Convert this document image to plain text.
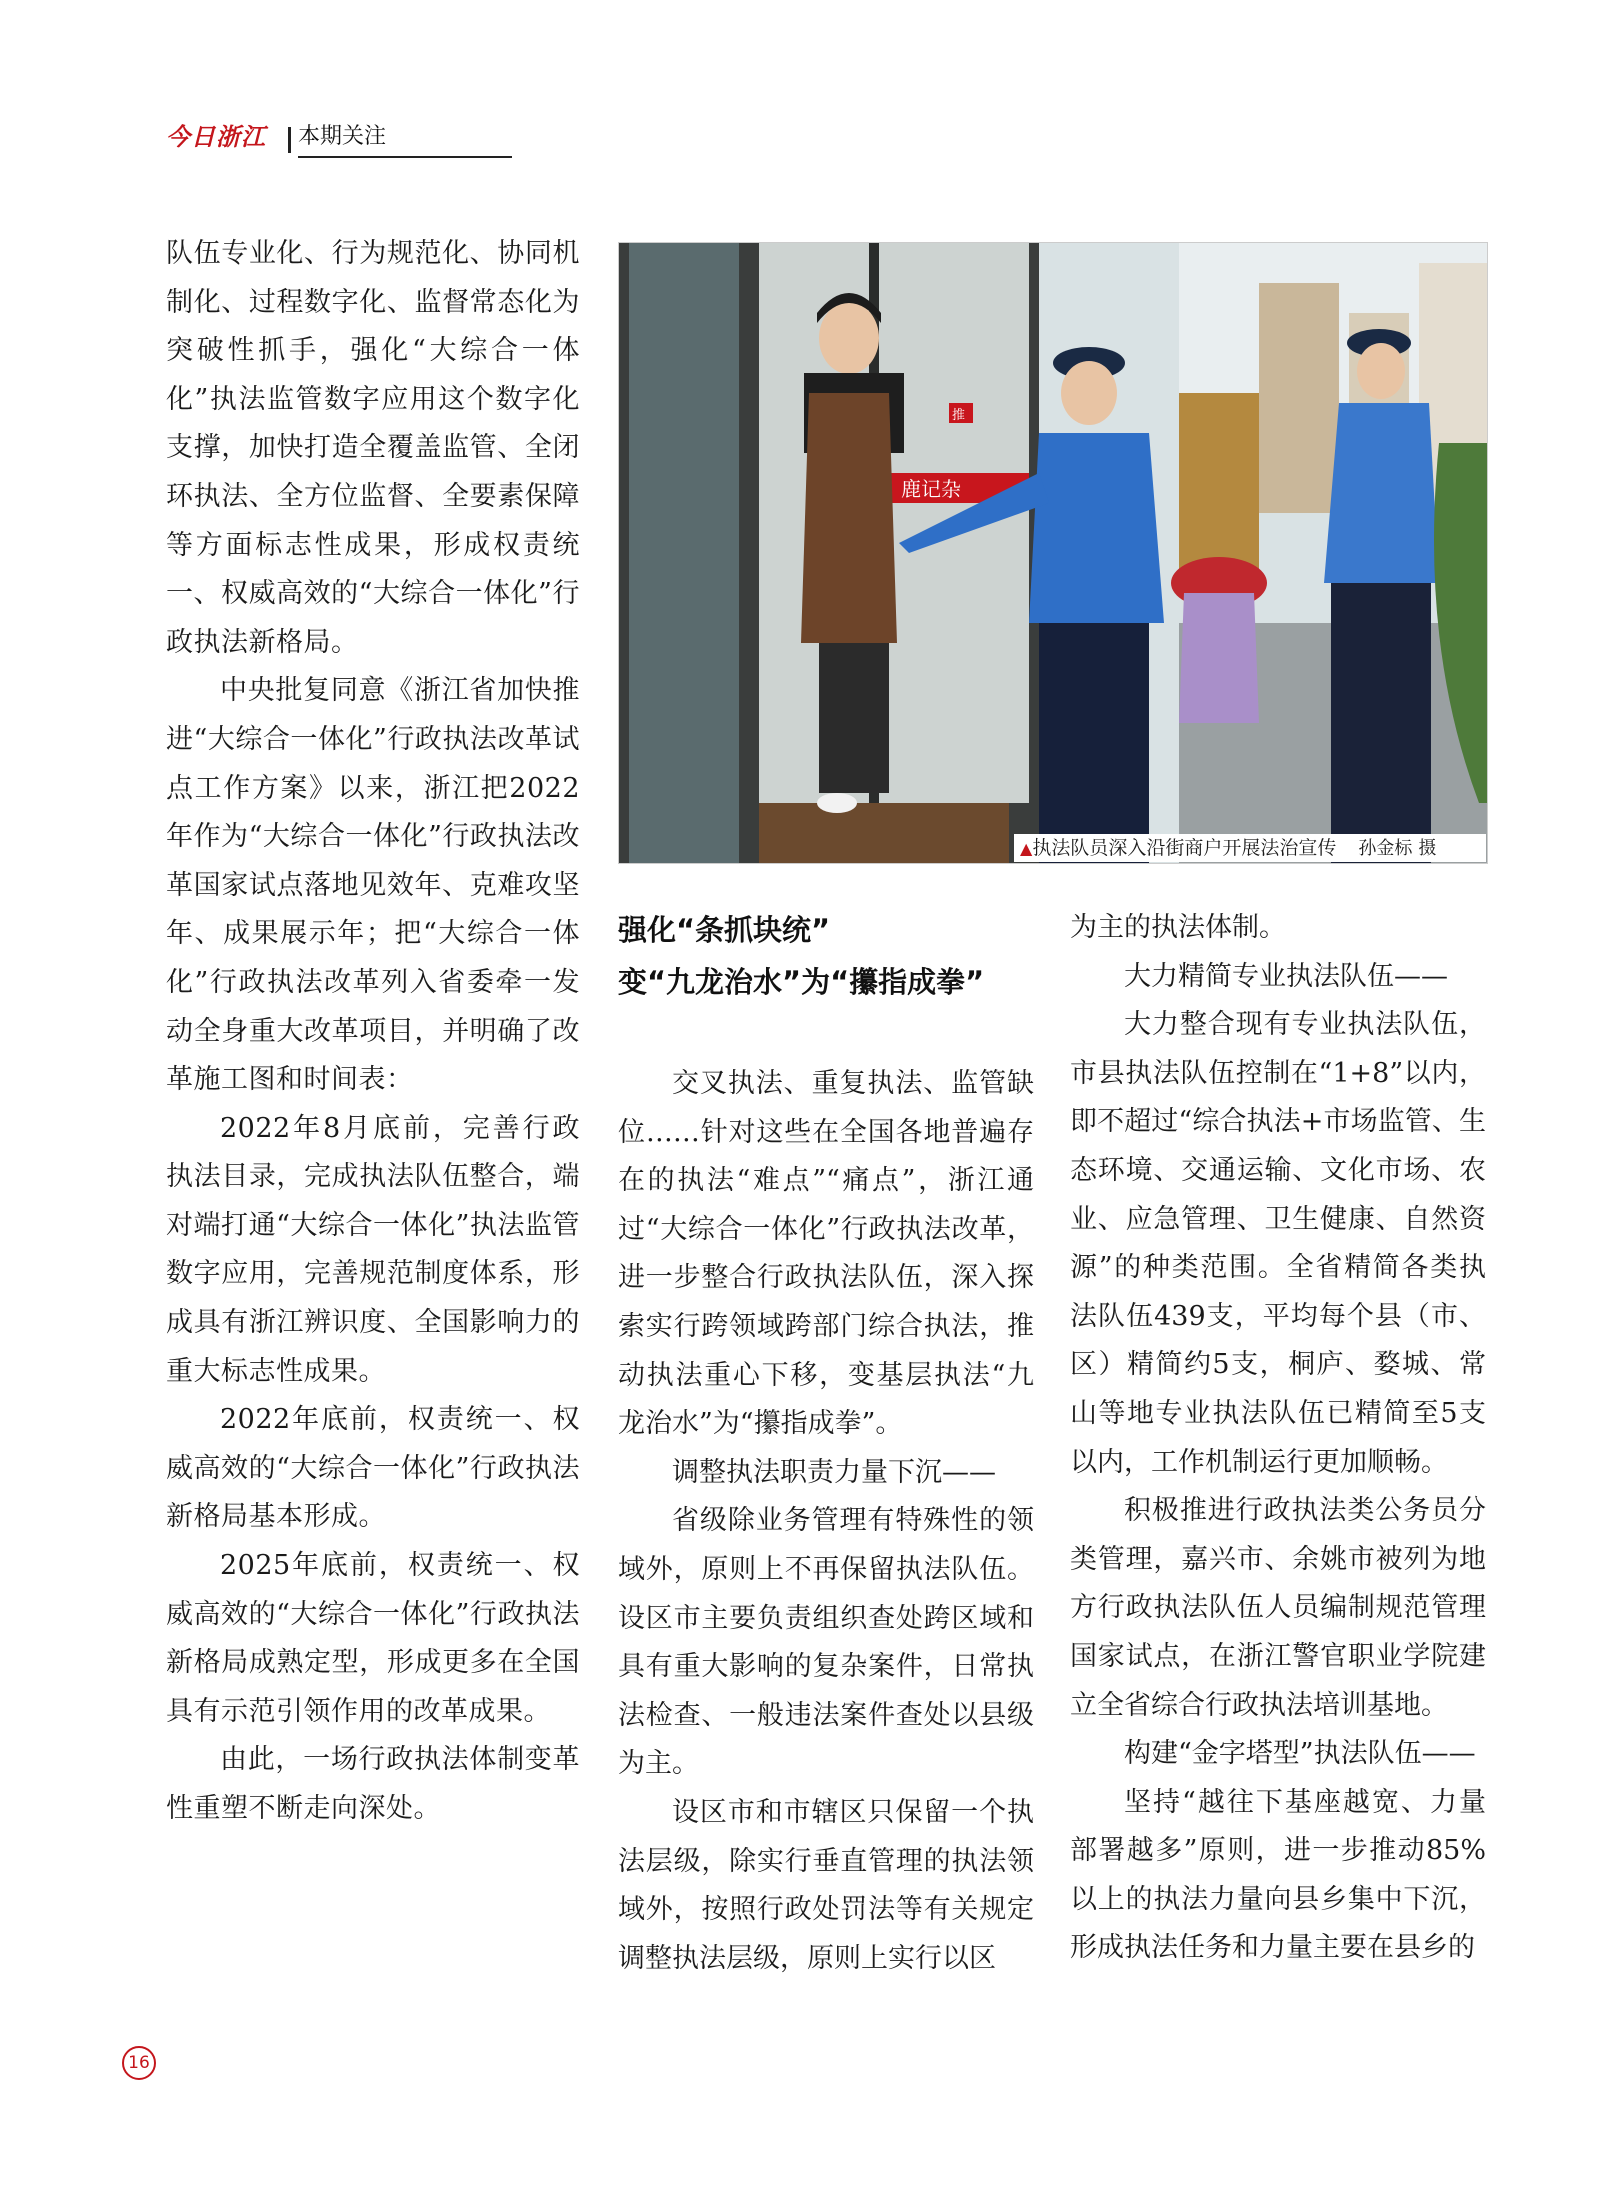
今日浙江 本期关注

队伍专业化、行为规范化、协同机制化、过程数字化、监督常态化为突破性抓手，强化“大综合一体化”执法监管数字应用这个数字化支撑，加快打造全覆盖监管、全闭环执法、全方位监督、全要素保障等方面标志性成果，形成权责统一、权威高效的“大综合一体化”行政执法新格局。

中央批复同意《浙江省加快推进“大综合一体化”行政执法改革试点工作方案》以来，浙江把2022年作为“大综合一体化”行政执法改革国家试点落地见效年、克难攻坚年、成果展示年；把“大综合一体化”行政执法改革列入省委牵一发动全身重大改革项目，并明确了改革施工图和时间表：

2022年8月底前，完善行政执法目录，完成执法队伍整合，端对端打通“大综合一体化”执法监管数字应用，完善规范制度体系，形成具有浙江辨识度、全国影响力的重大标志性成果。

2022年底前，权责统一、权威高效的“大综合一体化”行政执法新格局基本形成。

2025年底前，权责统一、权威高效的“大综合一体化”行政执法新格局成熟定型，形成更多在全国具有示范引领作用的改革成果。

由此，一场行政执法体制变革性重塑不断走向深处。

鹿记杂
推
▲执法队员深入沿街商户开展法治宣传 孙金标 摄
强化“条抓块统”
变“九龙治水”为“攥指成拳”

交叉执法、重复执法、监管缺位……针对这些在全国各地普遍存在的执法“难点”“痛点”，浙江通过“大综合一体化”行政执法改革，进一步整合行政执法队伍，深入探索实行跨领域跨部门综合执法，推动执法重心下移，变基层执法“九龙治水”为“攥指成拳”。

调整执法职责力量下沉——

省级除业务管理有特殊性的领域外，原则上不再保留执法队伍。设区市主要负责组织查处跨区域和具有重大影响的复杂案件，日常执法检查、一般违法案件查处以县级为主。

设区市和市辖区只保留一个执法层级，除实行垂直管理的执法领域外，按照行政处罚法等有关规定调整执法层级，原则上实行以区

为主的执法体制。

大力精简专业执法队伍——

大力整合现有专业执法队伍，市县执法队伍控制在“1+8”以内，即不超过“综合执法+市场监管、生态环境、交通运输、文化市场、农业、应急管理、卫生健康、自然资源”的种类范围。全省精简各类执法队伍439支，平均每个县（市、区）精简约5支，桐庐、婺城、常山等地专业执法队伍已精简至5支以内，工作机制运行更加顺畅。

积极推进行政执法类公务员分类管理，嘉兴市、余姚市被列为地方行政执法队伍人员编制规范管理国家试点，在浙江警官职业学院建立全省综合行政执法培训基地。

构建“金字塔型”执法队伍——

坚持“越往下基座越宽、力量部署越多”原则，进一步推动85%以上的执法力量向县乡集中下沉，形成执法任务和力量主要在县乡的

16
